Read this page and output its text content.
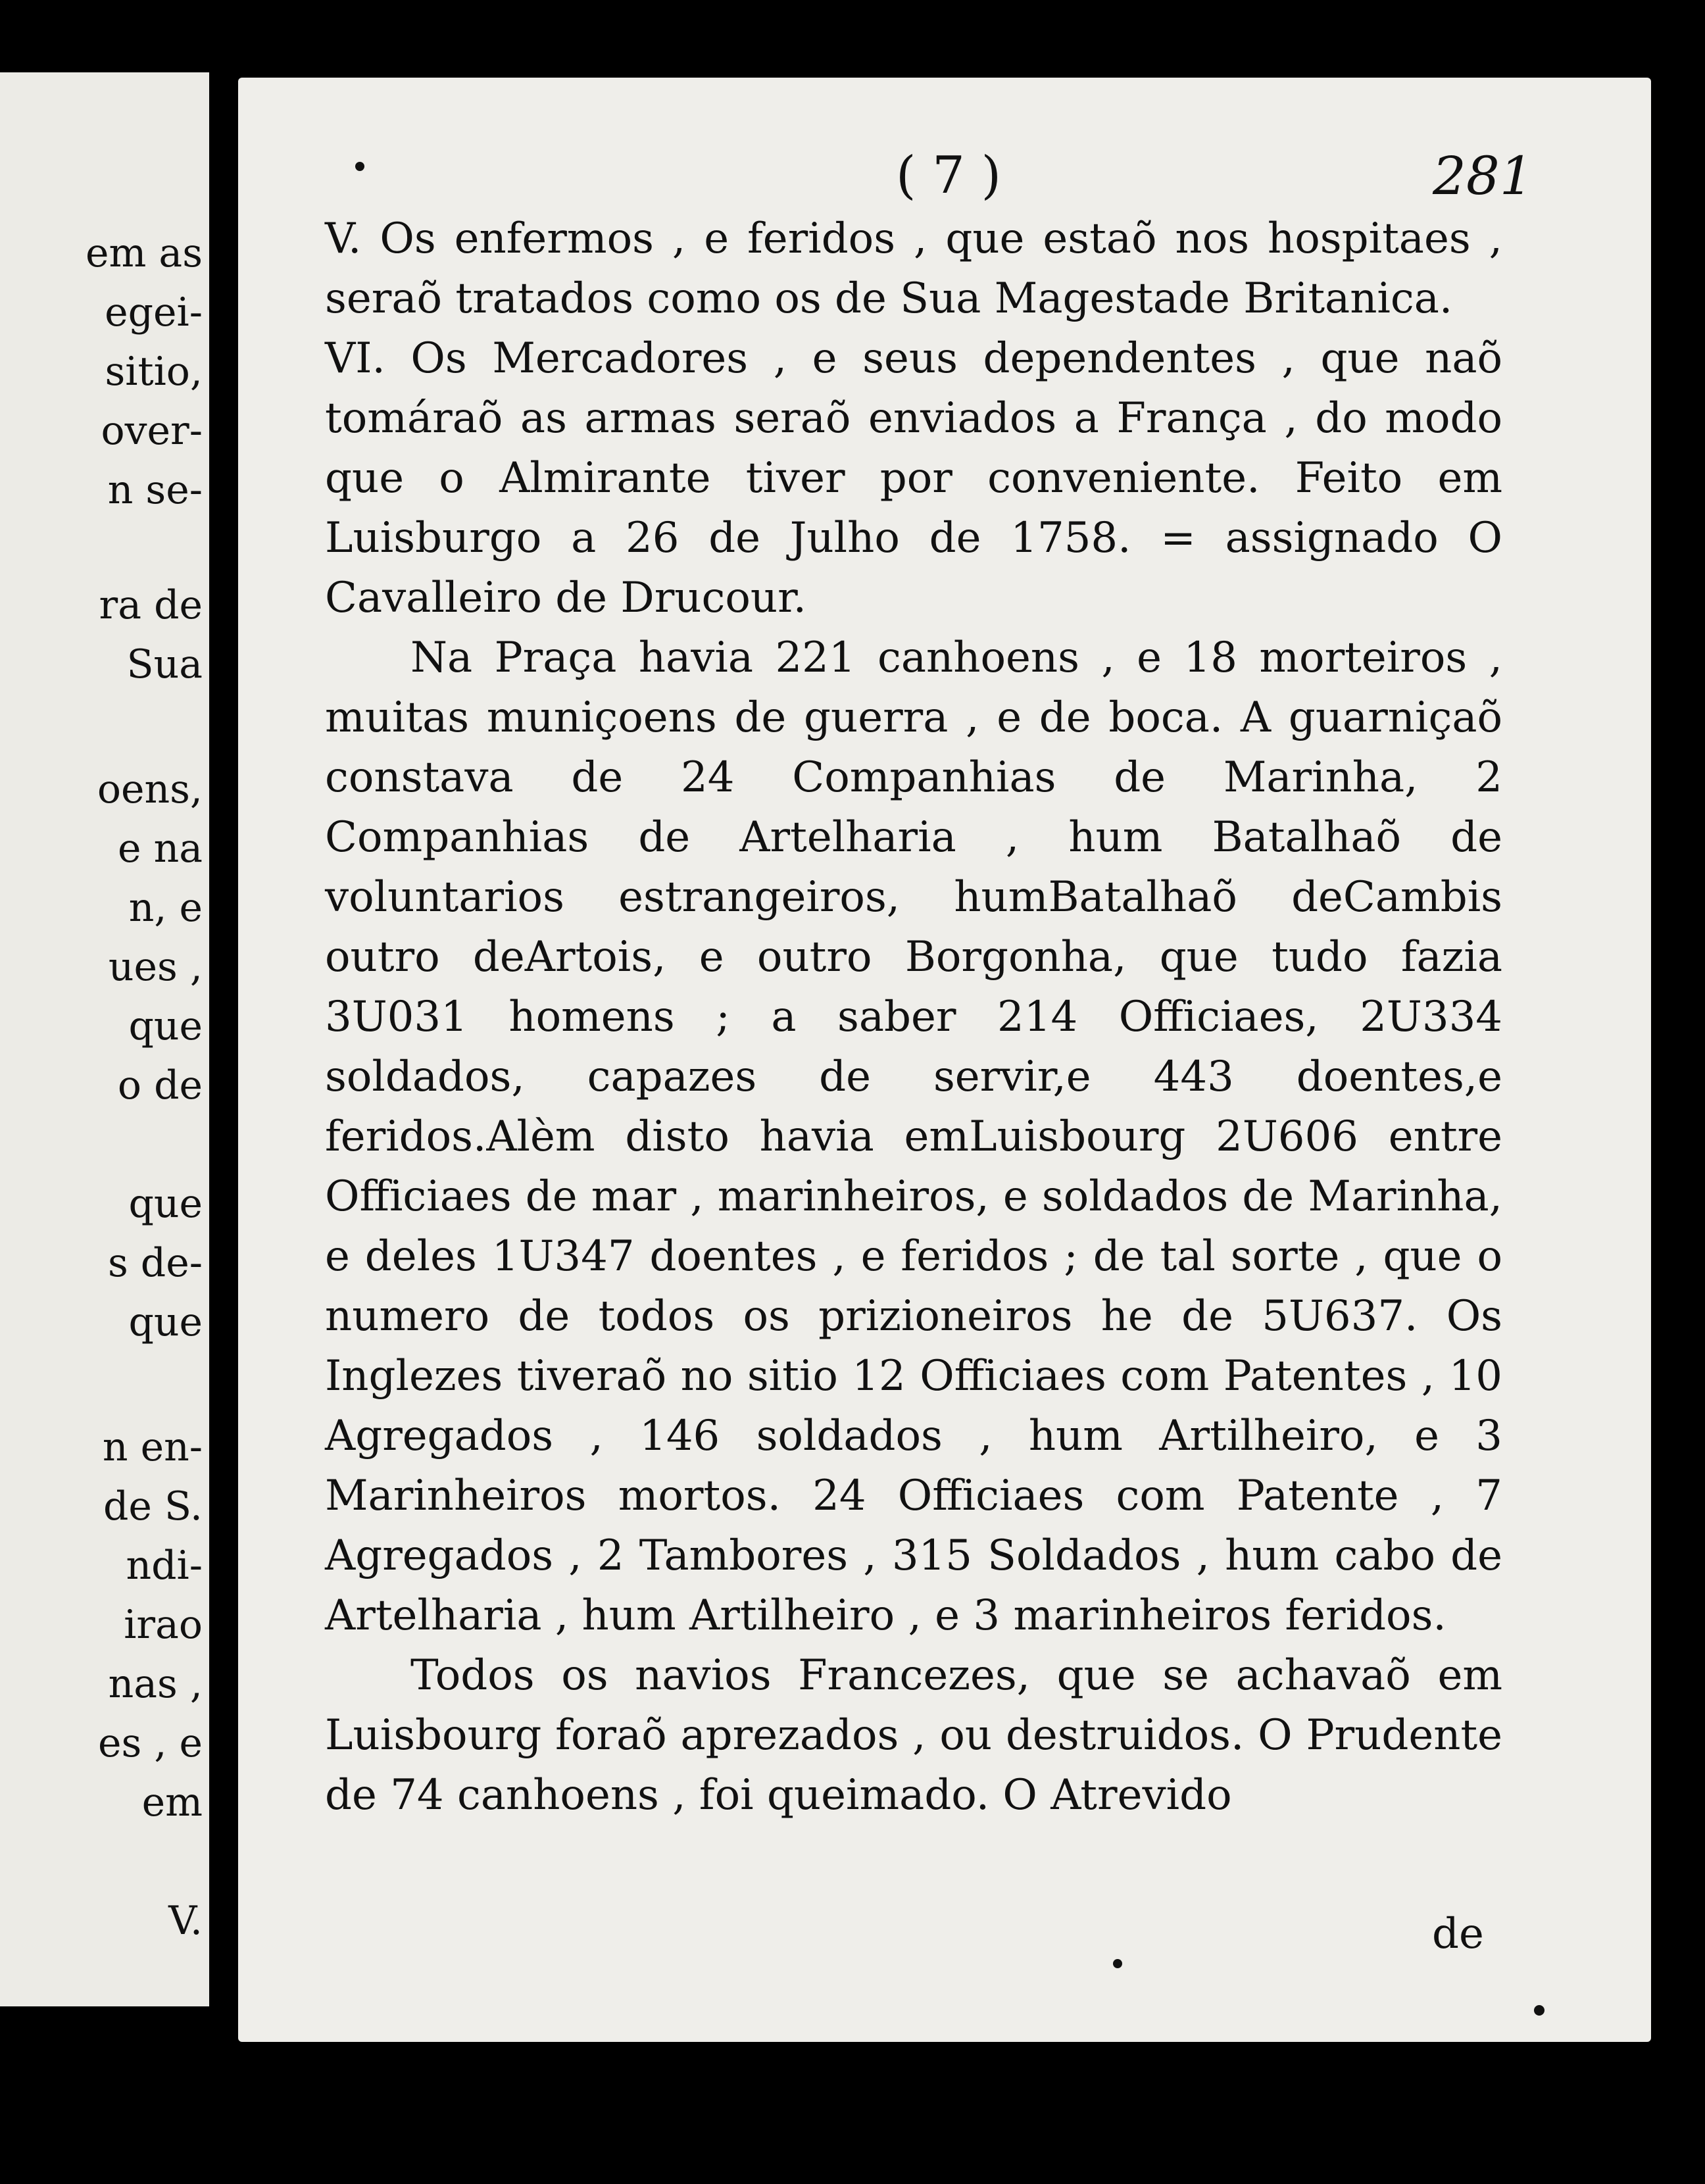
em as
egei-
sitio,
over-
n se-
ra de
Sua
oens,
e na
n, e
ues ,
que
o de
que
s de-
que
n en-
de S.
ndi-
irao
nas ,
es , e
em
V.
( 7 )	281

V. Os enfermos , e feridos , que estaõ nos hospitaes , seraõ tratados como os de Sua Magestade Britanica.

VI. Os Mercadores , e seus dependentes , que naõ tomáraõ as armas seraõ enviados a França , do modo que o Almirante tiver por conveniente. Feito em Luisburgo a 26 de Julho de 1758. = assignado O Cavalleiro de Drucour.

Na Praça havia 221 canhoens , e 18 morteiros , muitas muniçoens de guerra , e de boca. A guarniçaõ constava de 24 Companhias de Marinha, 2 Companhias de Artelharia , hum Batalhaõ de voluntarios estrangeiros, humBatalhaõ deCambis outro deArtois, e outro Borgonha, que tudo fazia 3U031 homens ; a saber 214 Officiaes, 2U334 soldados, capazes de servir,e 443 doentes,e feridos.Alèm disto havia emLuisbourg 2U606 entre Officiaes de mar , marinheiros, e soldados de Marinha, e deles 1U347 doentes , e feridos ; de tal sorte , que o numero de todos os prizioneiros he de 5U637. Os Inglezes tiveraõ no sitio 12 Officiaes com Patentes , 10 Agregados , 146 soldados , hum Artilheiro, e 3 Marinheiros mortos. 24 Officiaes com Patente , 7 Agregados , 2 Tambores , 315 Soldados , hum cabo de Artelharia , hum Artilheiro , e 3 marinheiros feridos.

Todos os navios Francezes, que se achavaõ em Luisbourg foraõ aprezados , ou destruidos. O Prudente de 74 canhoens , foi queimado. O Atrevido

de
